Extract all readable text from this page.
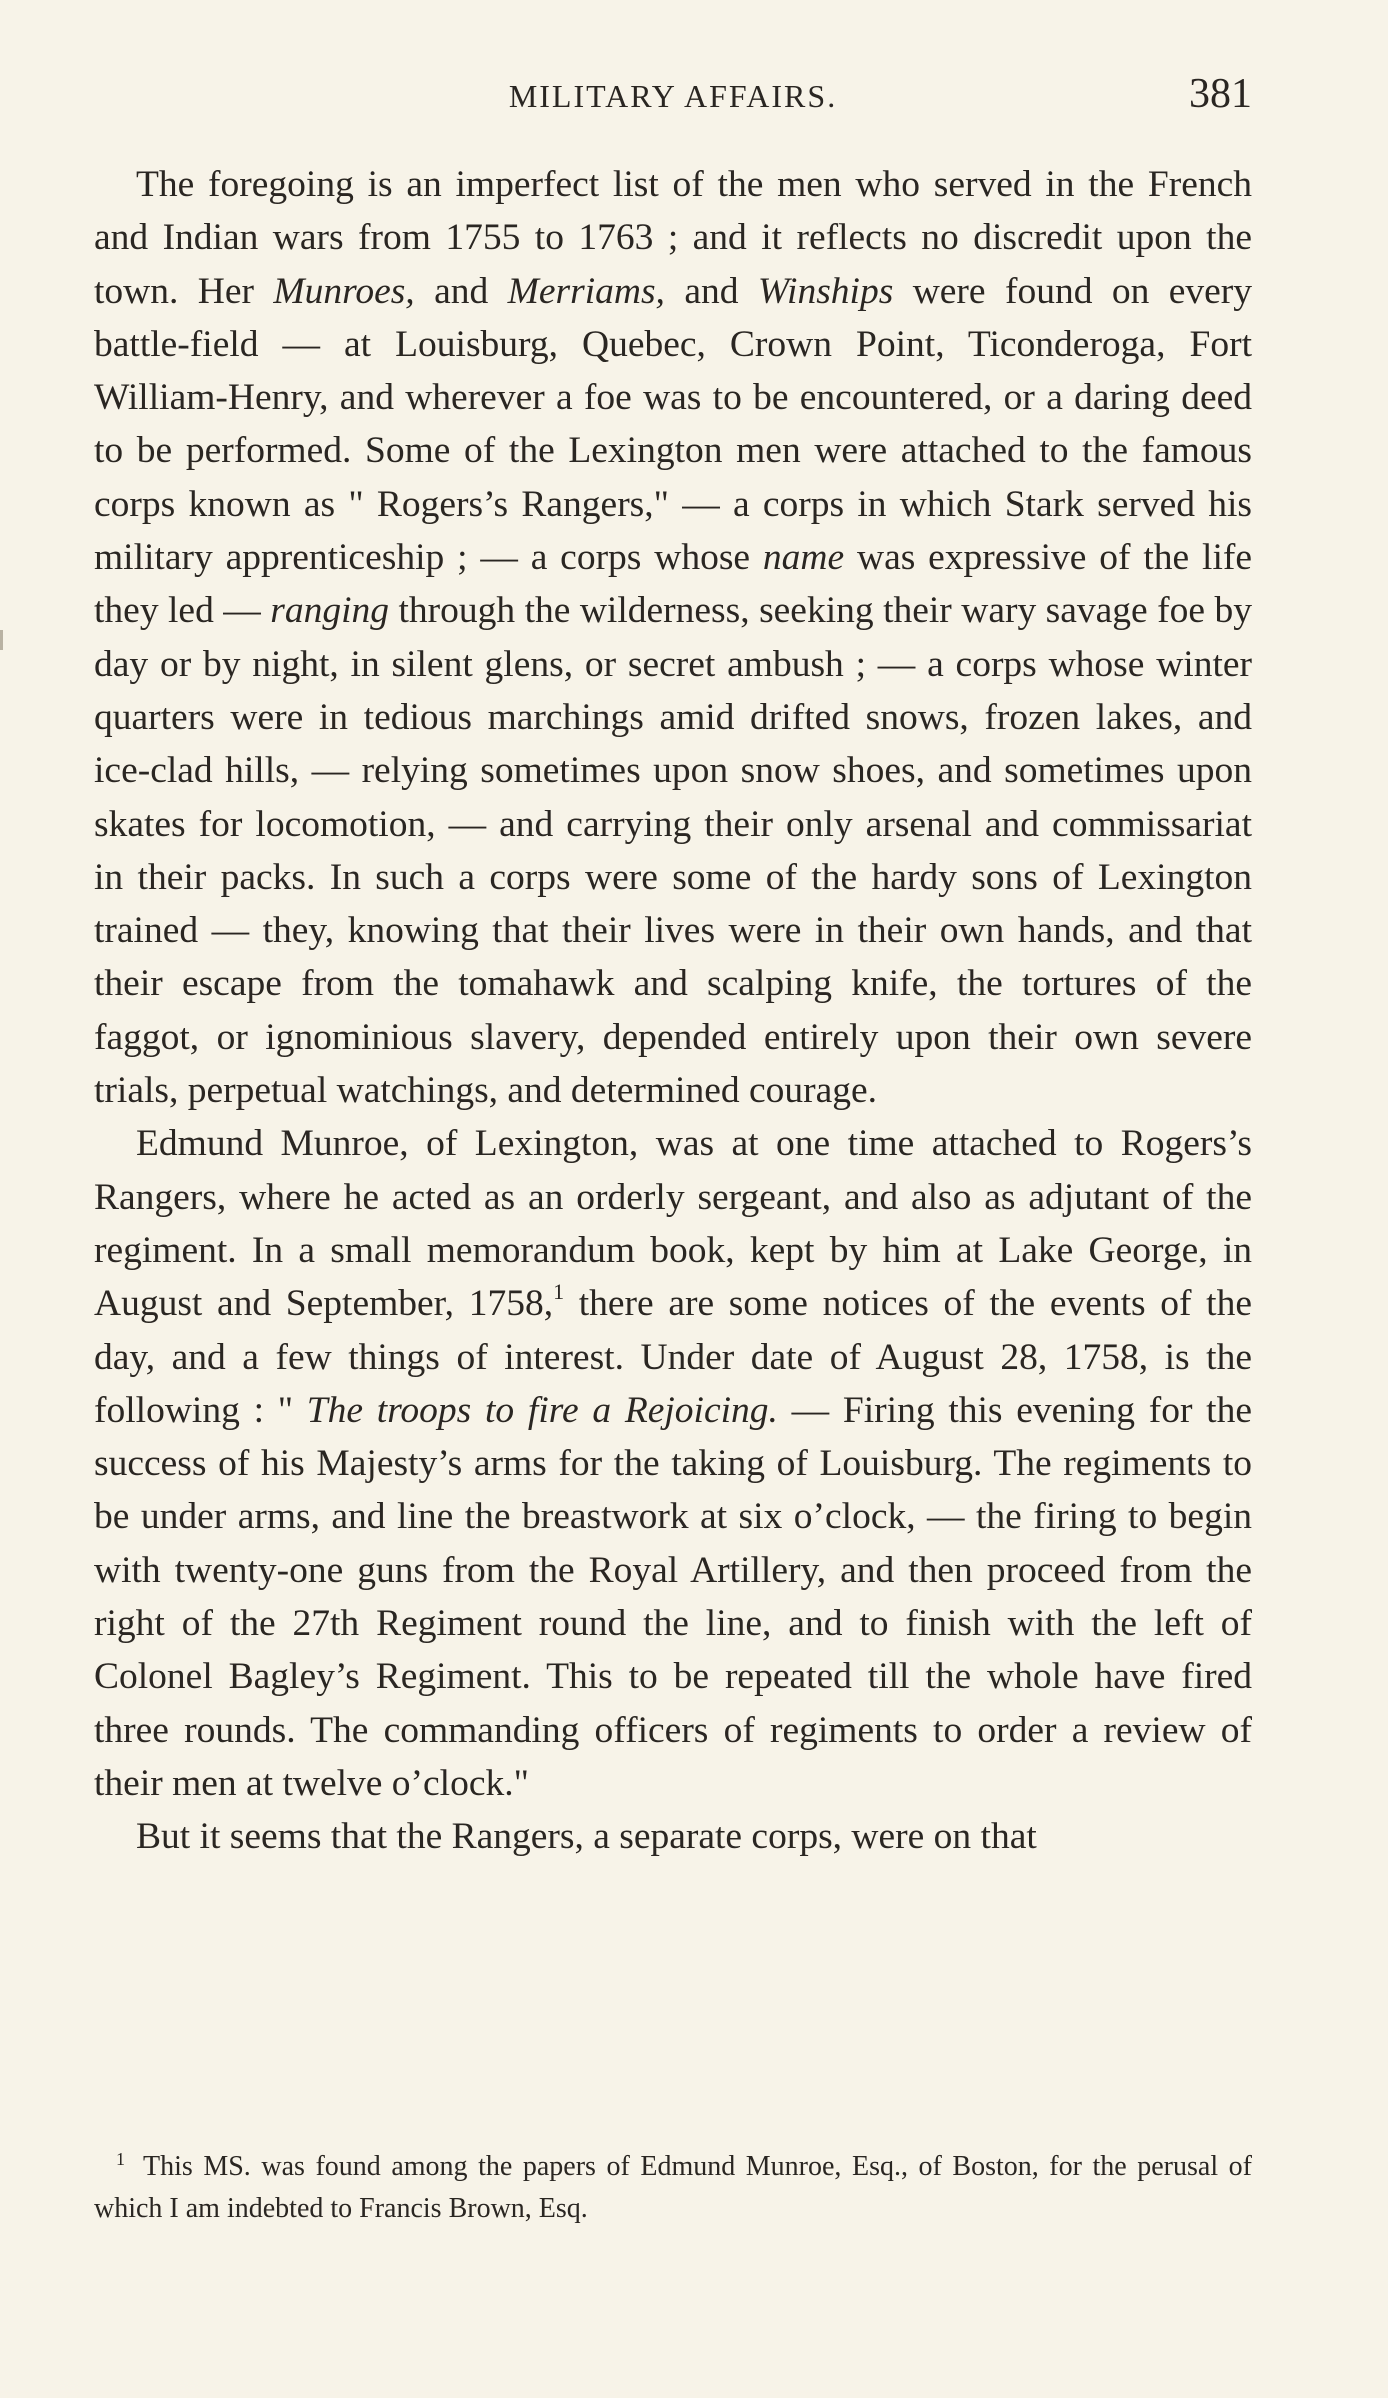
MILITARY AFFAIRS.	381

The foregoing is an imperfect list of the men who served in the French and Indian wars from 1755 to 1763 ; and it reflects no discredit upon the town. Her Munroes, and Merriams, and Winships were found on every battle-field — at Louisburg, Quebec, Crown Point, Ticonderoga, Fort William-Henry, and wherever a foe was to be encountered, or a daring deed to be performed. Some of the Lexington men were attached to the famous corps known as " Rogers’s Rangers," — a corps in which Stark served his military apprenticeship ; — a corps whose name was expressive of the life they led — ranging through the wilderness, seeking their wary savage foe by day or by night, in silent glens, or secret ambush ; — a corps whose winter quarters were in tedious marchings amid drifted snows, frozen lakes, and ice-clad hills, — relying sometimes upon snow shoes, and sometimes upon skates for locomotion, — and carrying their only arsenal and commissariat in their packs. In such a corps were some of the hardy sons of Lexington trained — they, knowing that their lives were in their own hands, and that their escape from the tomahawk and scalping knife, the tortures of the faggot, or ignominious slavery, depended entirely upon their own severe trials, perpetual watchings, and determined courage.

Edmund Munroe, of Lexington, was at one time attached to Rogers’s Rangers, where he acted as an orderly sergeant, and also as adjutant of the regiment. In a small memorandum book, kept by him at Lake George, in August and September, 1758,$^1$ there are some notices of the events of the day, and a few things of interest. Under date of August 28, 1758, is the following : " The troops to fire a Rejoicing. — Firing this evening for the success of his Majesty’s arms for the taking of Louisburg. The regiments to be under arms, and line the breastwork at six o’clock, — the firing to begin with twenty-one guns from the Royal Artillery, and then proceed from the right of the 27th Regiment round the line, and to finish with the left of Colonel Bagley’s Regiment. This to be repeated till the whole have fired three rounds. The commanding officers of regiments to order a review of their men at twelve o’clock."

But it seems that the Rangers, a separate corps, were on that

$^1$ This MS. was found among the papers of Edmund Munroe, Esq., of Boston, for the perusal of which I am indebted to Francis Brown, Esq.
